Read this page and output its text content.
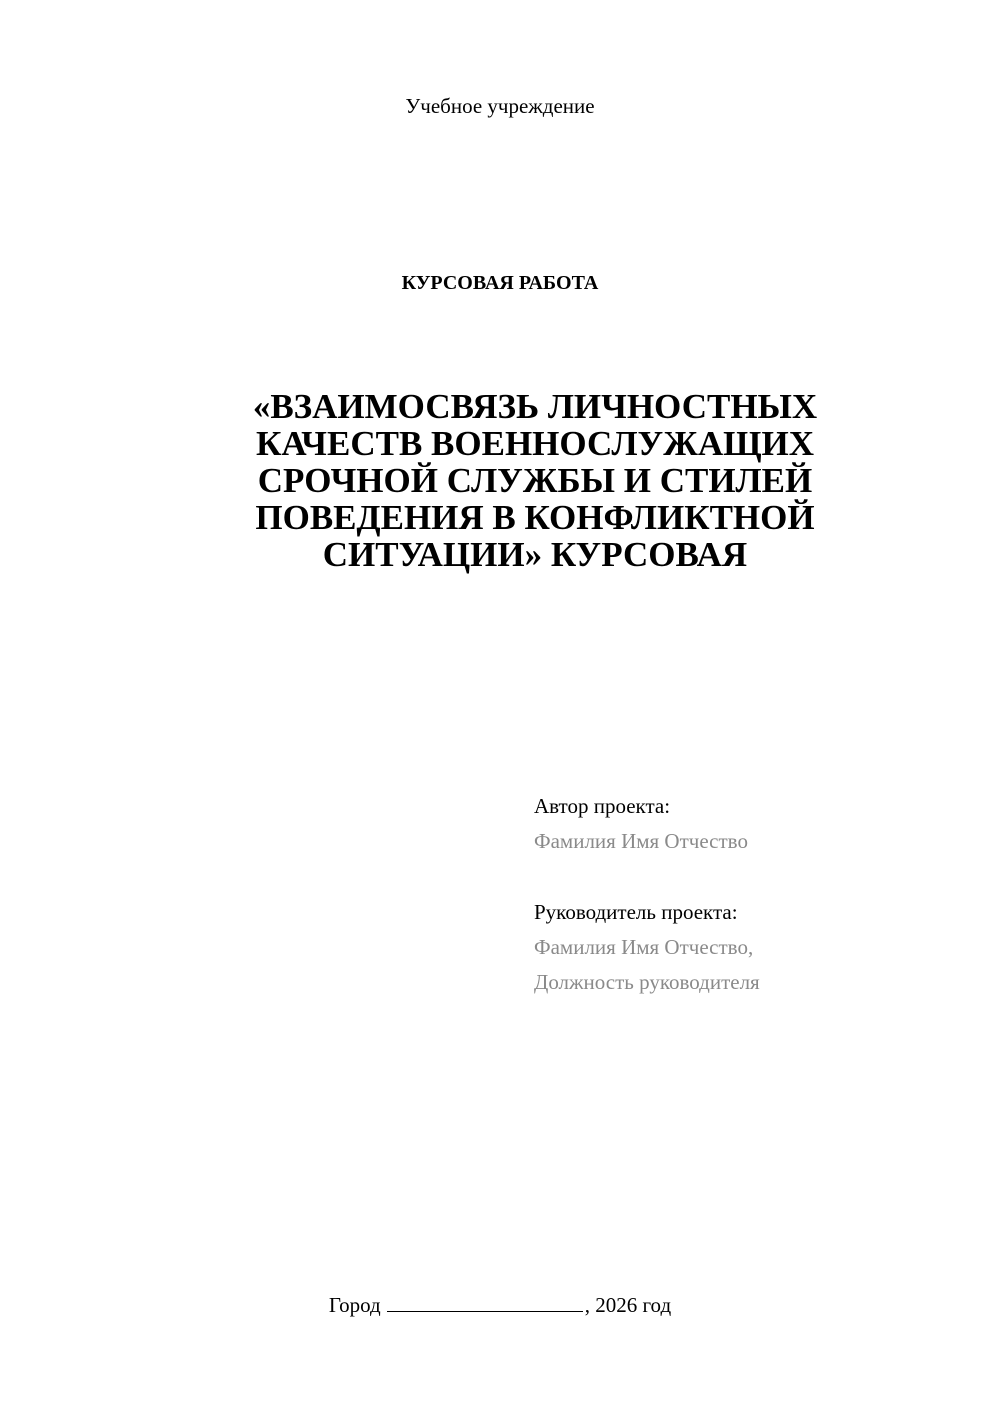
Учебное учреждение
КУРСОВАЯ РАБОТА
«ВЗАИМОСВЯЗЬ ЛИЧНОСТНЫХ
КАЧЕСТВ ВОЕННОСЛУЖАЩИХ
СРОЧНОЙ СЛУЖБЫ И СТИЛЕЙ
ПОВЕДЕНИЯ В КОНФЛИКТНОЙ
СИТУАЦИИ» КУРСОВАЯ
Автор проекта:
Фамилия Имя Отчество
Руководитель проекта:
Фамилия Имя Отчество,
Должность руководителя
Город	, 2026 год
